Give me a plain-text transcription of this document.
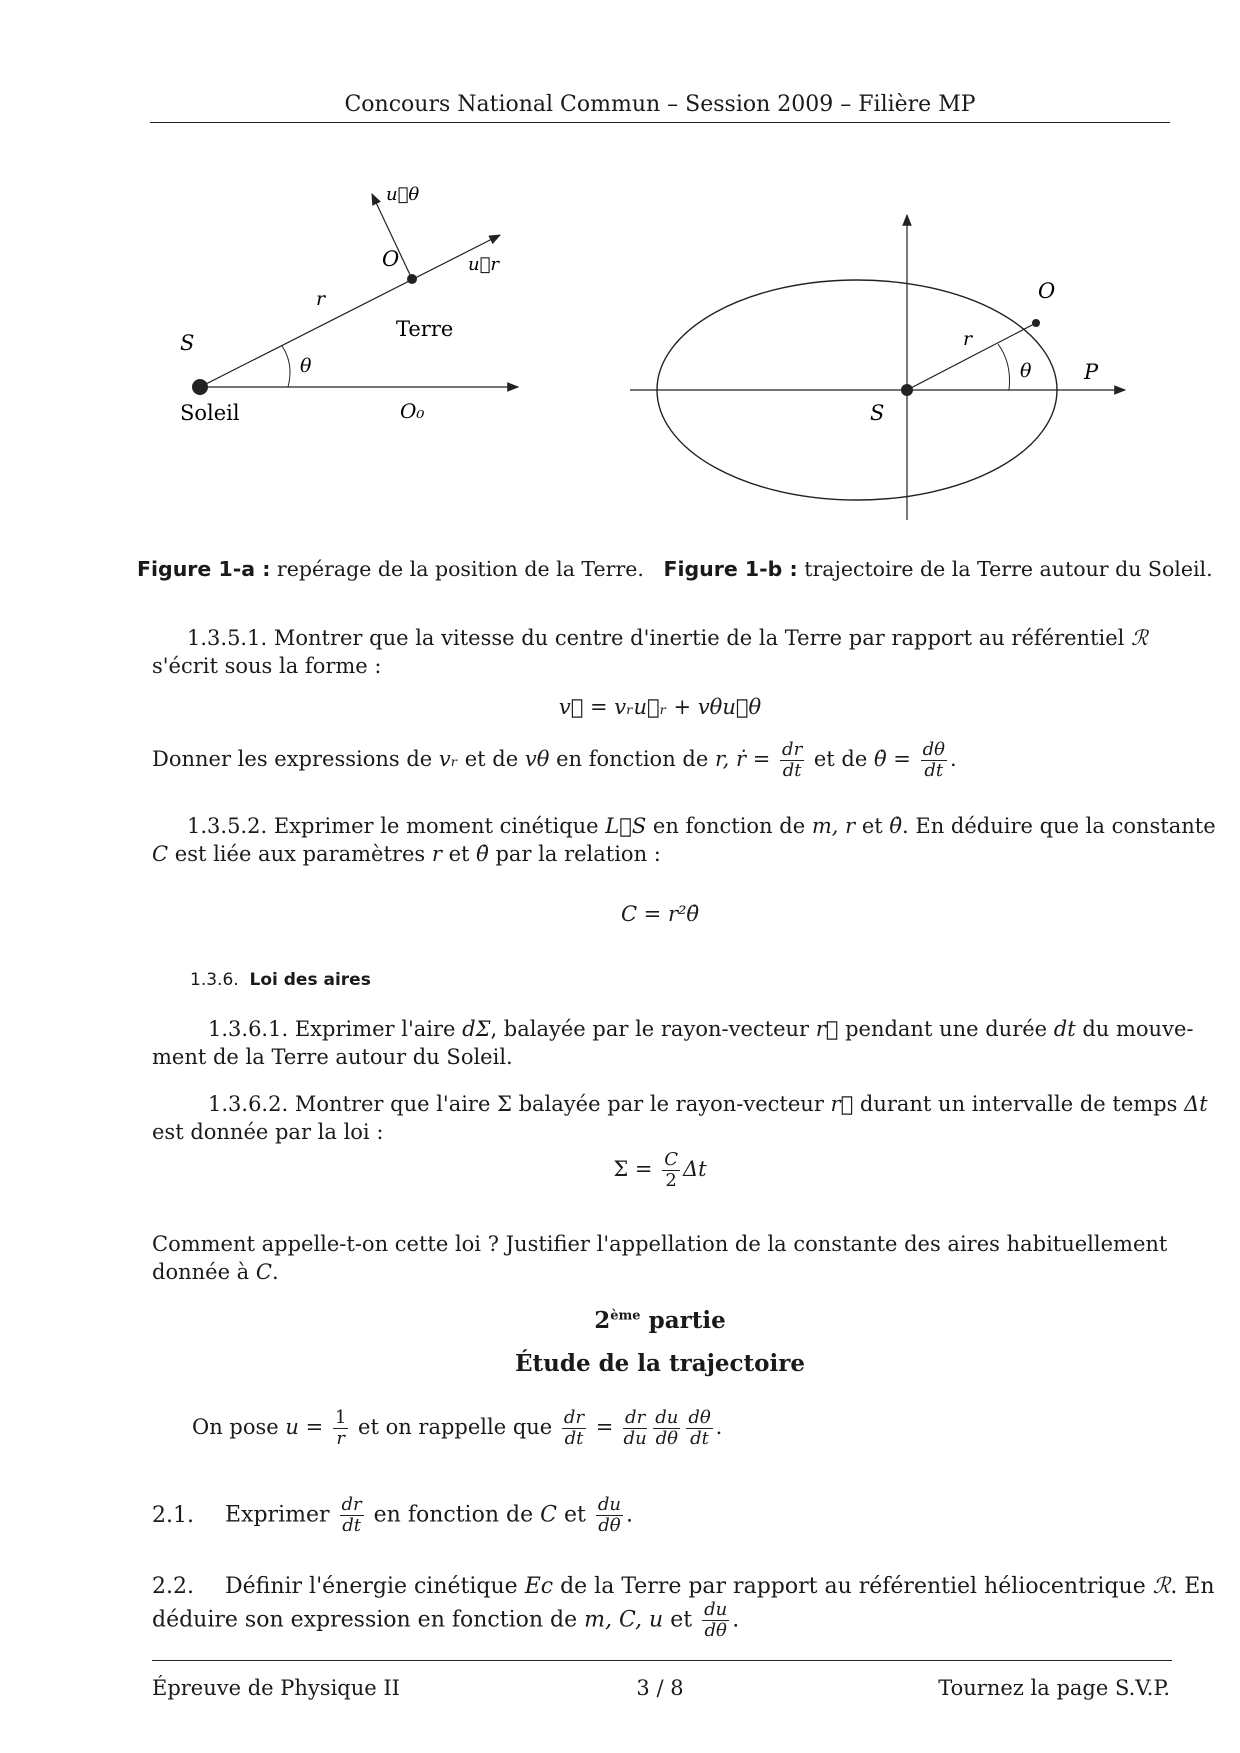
Concours National Commun – Session 2009 – Filière MP
u⃗θ
O	u⃗r
r
S
θ
Terre
Soleil	O₀
O
r
θ	P
S
Figure 1-a : repérage de la position de la Terre. Figure 1-b : trajectoire de la Terre autour du Soleil.
1.3.5.1. Montrer que la vitesse du centre d'inertie de la Terre par rapport au référentiel ℛ
s'écrit sous la forme :
v⃗ = vᵣu⃗ᵣ + vθu⃗θ
Donner les expressions de vᵣ et de vθ en fonction de r, ṙ = $\frac{dr}{dt}$ et de θ̇ = $\frac{d\theta}{dt}$ .
1.3.5.2. Exprimer le moment cinétique L⃗S en fonction de m, r et θ̇. En déduire que la constante
C est liée aux paramètres r et θ̇ par la relation :
C = r²θ̇
1.3.6. Loi des aires
1.3.6.1. Exprimer l'aire dΣ, balayée par le rayon-vecteur r⃗ pendant une durée dt du mouve-
ment de la Terre autour du Soleil.
1.3.6.2. Montrer que l'aire Σ balayée par le rayon-vecteur r⃗ durant un intervalle de temps Δt
est donnée par la loi :
$\Sigma = \frac{C}{2}$ Δt
Comment appelle-t-on cette loi ? Justifier l'appellation de la constante des aires habituellement
donnée à C.
2ème partie
Étude de la trajectoire
On pose $u = \frac{1}{r}$ et on rappelle que $\frac{dr}{dt} = \frac{dr}{du} \frac{du}{d\theta} \frac{d\theta}{dt}$ .
2.1. Exprimer $\frac{dr}{dt}$ en fonction de C et $\frac{du}{d\theta}$ .
2.2. Définir l'énergie cinétique Ec de la Terre par rapport au référentiel héliocentrique ℛ. En
déduire son expression en fonction de m, C, u et $\frac{du}{d\theta}$ .
Épreuve de Physique II	3 / 8	Tournez la page S.V.P.
